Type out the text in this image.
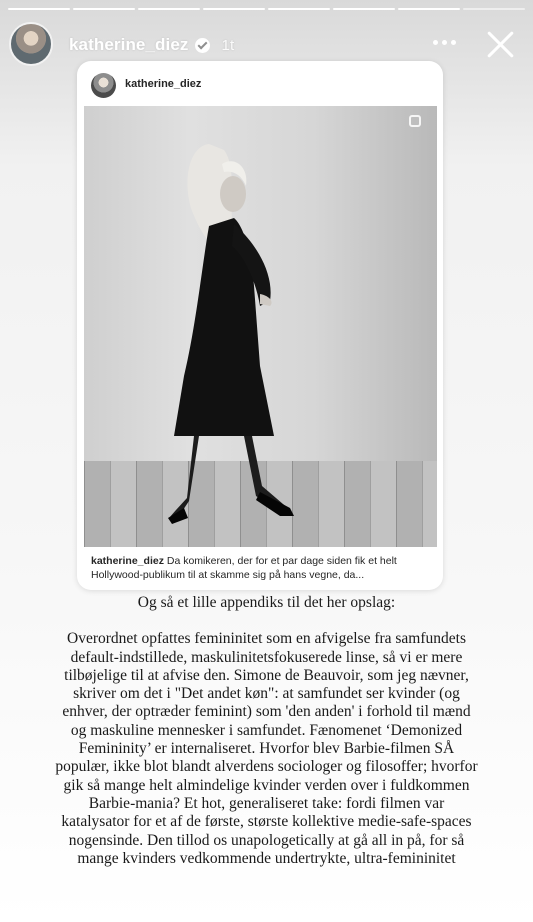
katherine_diez 1t
katherine_diez
katherine_diez Da komikeren, der for et par dage siden fik et helt Hollywood-publikum til at skamme sig på hans vegne, da...

Og så et lille appendiks til det her opslag:

Overordnet opfattes femininitet som en afvigelse fra samfundets

default-indstillede, maskulinitetsfokuserede linse, så vi er mere

tilbøjelige til at afvise den. Simone de Beauvoir, som jeg nævner,

skriver om det i "Det andet køn": at samfundet ser kvinder (og

enhver, der optræder feminint) som 'den anden' i forhold til mænd

og maskuline mennesker i samfundet. Fænomenet ‘Demonized

Femininity’ er internaliseret. Hvorfor blev Barbie-filmen SÅ

populær, ikke blot blandt alverdens sociologer og filosoffer; hvorfor

gik så mange helt almindelige kvinder verden over i fuldkommen

Barbie-mania? Et hot, generaliseret take: fordi filmen var

katalysator for et af de første, største kollektive medie-safe-spaces

nogensinde. Den tillod os unapologetically at gå all in på, for så

mange kvinders vedkommende undertrykte, ultra-femininitet
